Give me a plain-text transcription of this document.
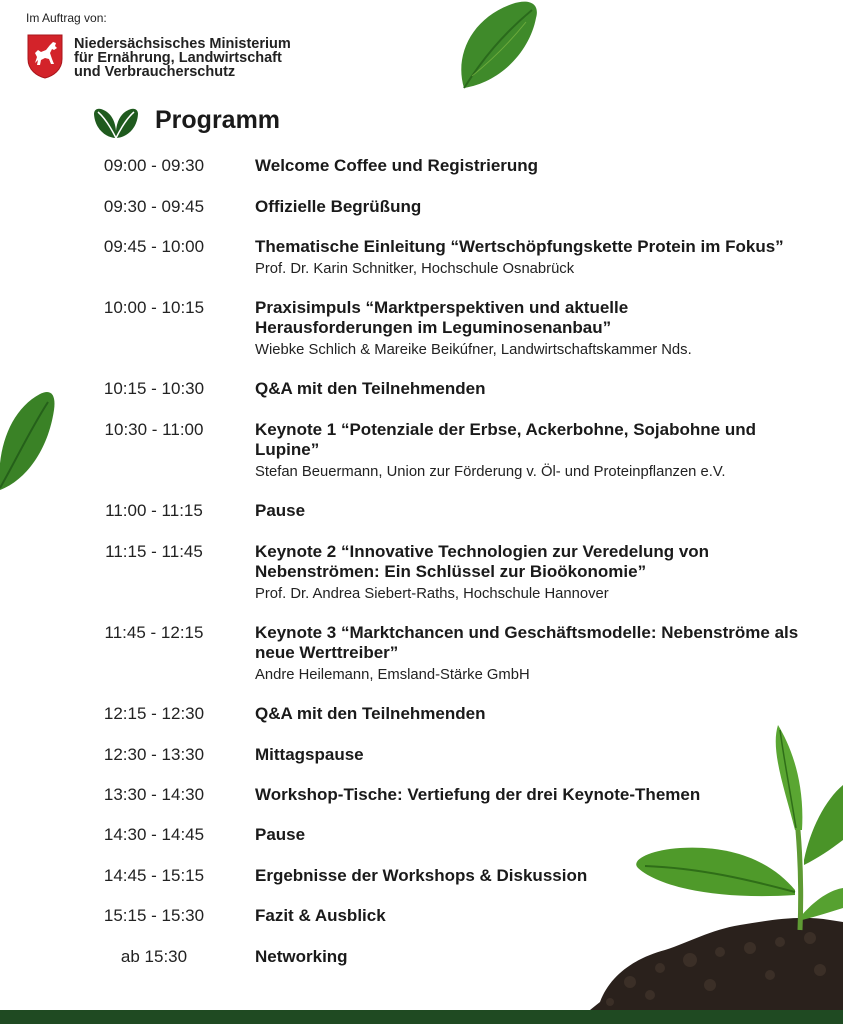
Im Auftrag von:
Niedersächsisches Ministerium
für Ernährung, Landwirtschaft
und Verbraucherschutz
Programm
09:00 - 09:30	Welcome Coffee und Registrierung
09:30 - 09:45	Offizielle Begrüßung
09:45 - 10:00	Thematische Einleitung “Wertschöpfungskette Protein im Fokus”
Prof. Dr. Karin Schnitker, Hochschule Osnabrück
10:00 - 10:15	Praxisimpuls “Marktperspektiven und aktuelle Herausforderungen im Leguminosenanbau”
Wiebke Schlich & Mareike Beikúfner, Landwirtschaftskammer Nds.
10:15 - 10:30	Q&A mit den Teilnehmenden
10:30 - 11:00	Keynote 1 “Potenziale der Erbse, Ackerbohne, Sojabohne und Lupine”
Stefan Beuermann, Union zur Förderung v. Öl- und Proteinpflanzen e.V.
11:00 - 11:15	Pause
11:15 - 11:45	Keynote 2 “Innovative Technologien zur Veredelung von Nebenströmen: Ein Schlüssel zur Bioökonomie”
Prof. Dr. Andrea Siebert-Raths, Hochschule Hannover
11:45 - 12:15	Keynote 3 “Marktchancen und Geschäftsmodelle: Nebenströme als neue Werttreiber”
Andre Heilemann, Emsland-Stärke GmbH
12:15 - 12:30	Q&A mit den Teilnehmenden
12:30 - 13:30	Mittagspause
13:30 - 14:30	Workshop-Tische: Vertiefung der drei Keynote-Themen
14:30 - 14:45	Pause
14:45 - 15:15	Ergebnisse der Workshops & Diskussion
15:15 - 15:30	Fazit & Ausblick
ab 15:30	Networking
